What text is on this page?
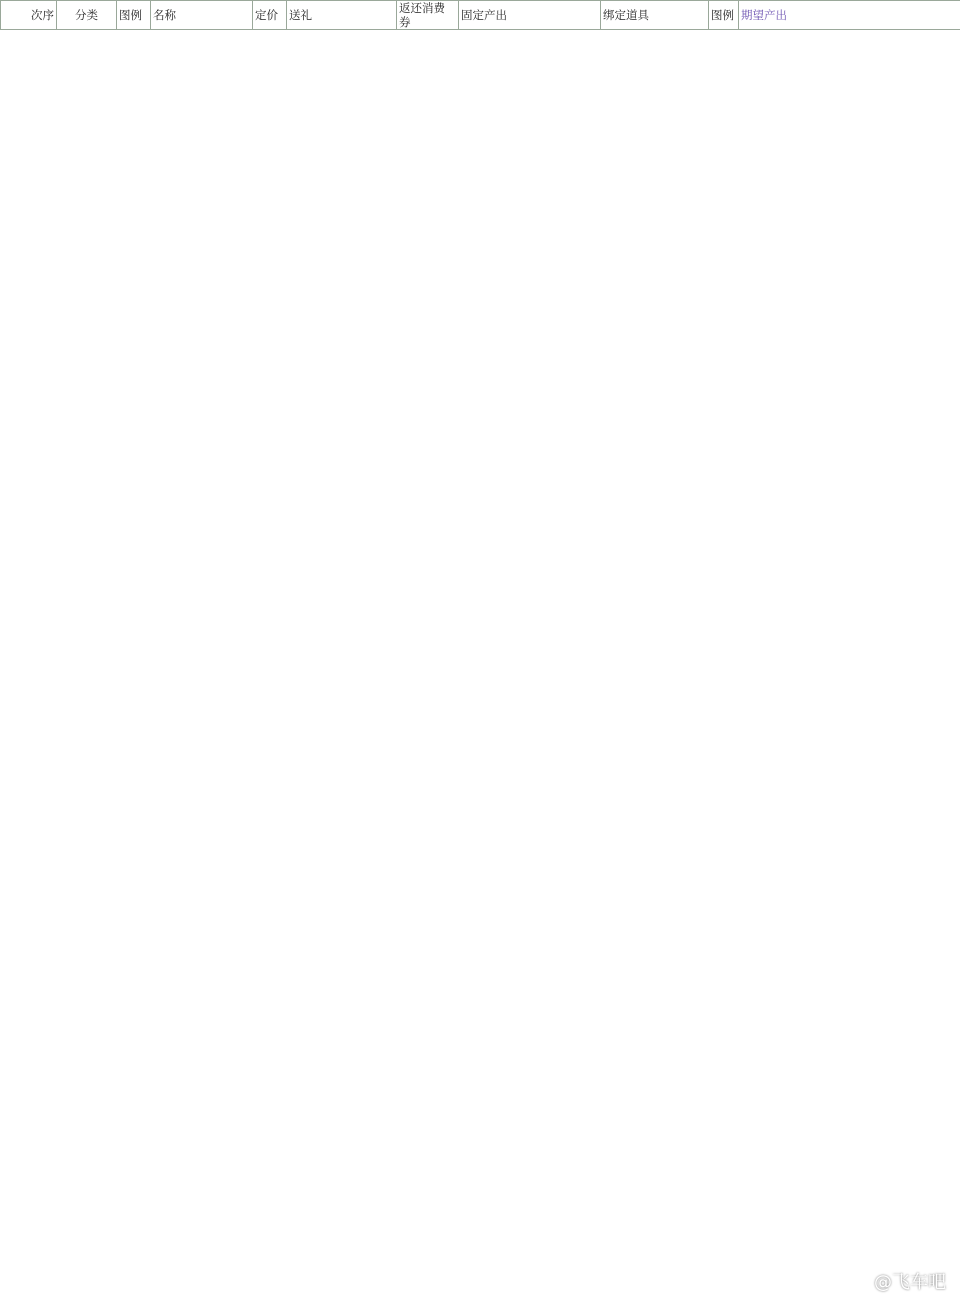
次序	分类	图例	名称	定价	送礼	返还消费券	固定产出	绑定道具	图例	期望产出
@飞车吧
